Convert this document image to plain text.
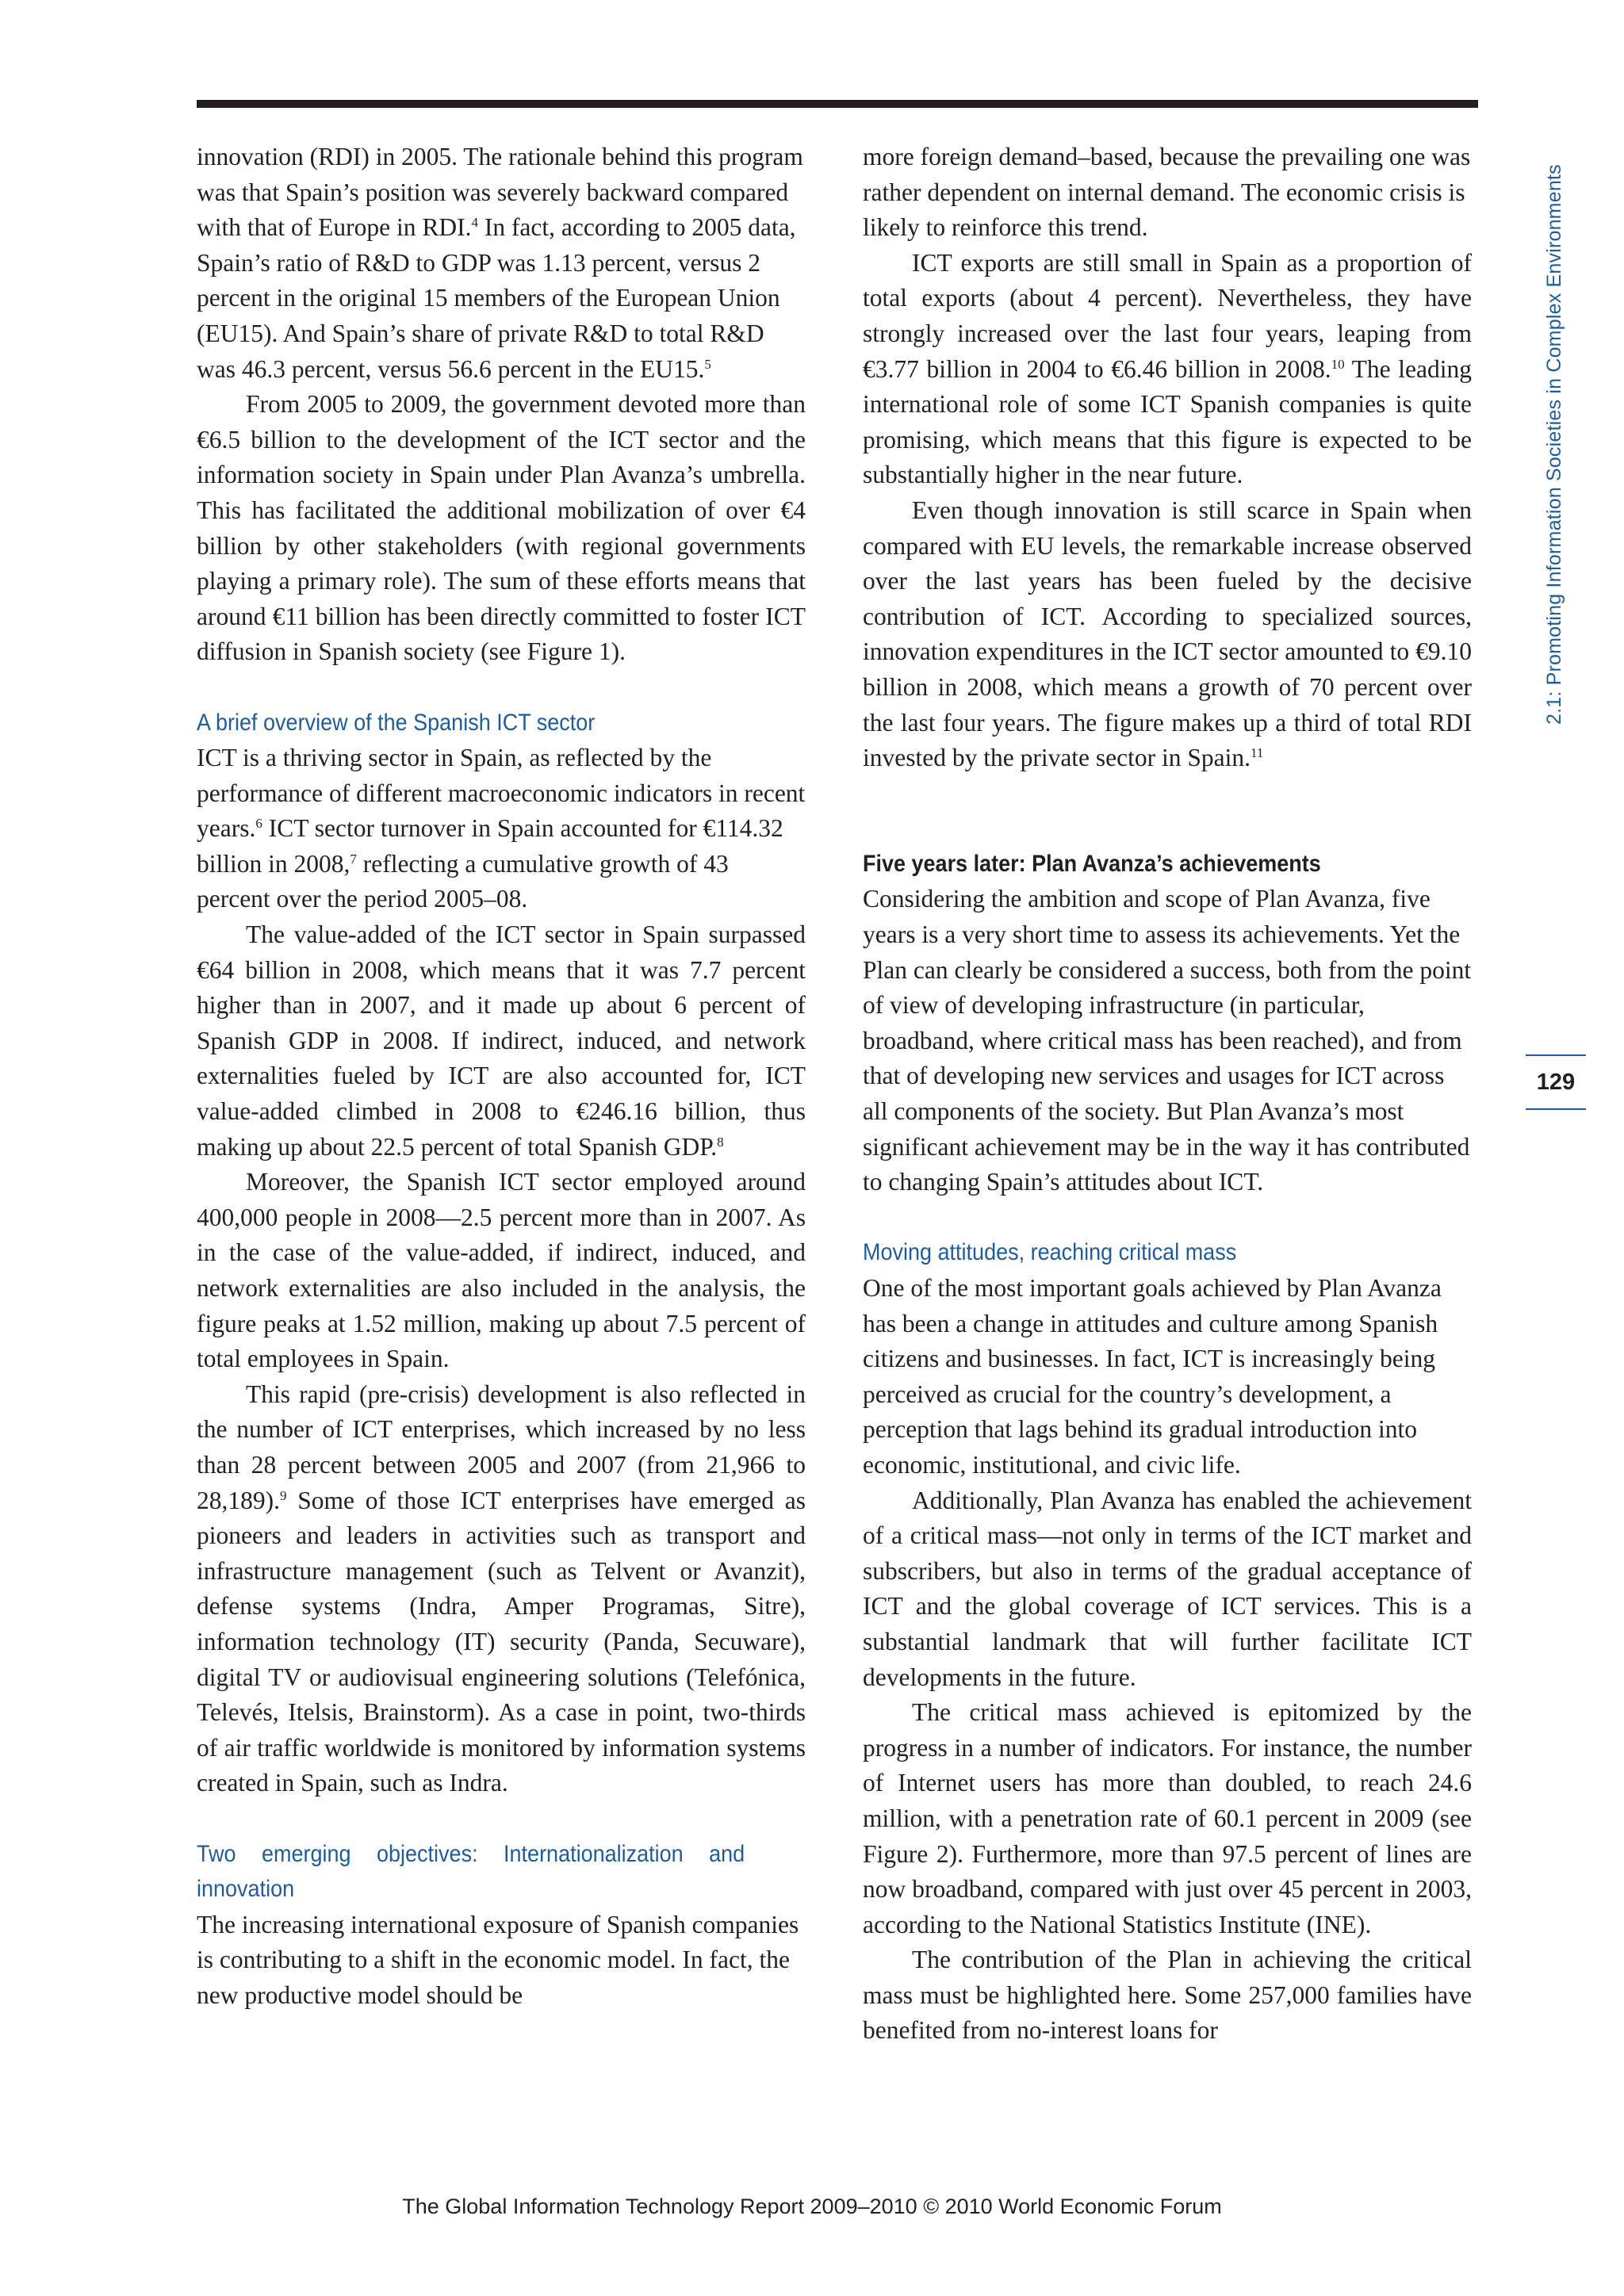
innovation (RDI) in 2005. The rationale behind this program was that Spain’s position was severely backward compared with that of Europe in RDI.$^4$ In fact, according to 2005 data, Spain’s ratio of R&D to GDP was 1.13 percent, versus 2 percent in the original 15 members of the European Union (EU15). And Spain’s share of private R&D to total R&D was 46.3 percent, versus 56.6 percent in the EU15.$^5$

From 2005 to 2009, the government devoted more than €6.5 billion to the development of the ICT sector and the information society in Spain under Plan Avanza’s umbrella. This has facilitated the additional mobilization of over €4 billion by other stakeholders (with regional governments playing a primary role). The sum of these efforts means that around €11 billion has been directly committed to foster ICT diffusion in Spanish society (see Figure 1).

A brief overview of the Spanish ICT sector

ICT is a thriving sector in Spain, as reflected by the performance of different macroeconomic indicators in recent years.$^6$ ICT sector turnover in Spain accounted for €114.32 billion in 2008,$^7$ reflecting a cumulative growth of 43 percent over the period 2005–08.

The value-added of the ICT sector in Spain surpassed €64 billion in 2008, which means that it was 7.7 percent higher than in 2007, and it made up about 6 percent of Spanish GDP in 2008. If indirect, induced, and network externalities fueled by ICT are also accounted for, ICT value-added climbed in 2008 to €246.16 billion, thus making up about 22.5 percent of total Spanish GDP.$^8$

Moreover, the Spanish ICT sector employed around 400,000 people in 2008—2.5 percent more than in 2007. As in the case of the value-added, if indirect, induced, and network externalities are also included in the analysis, the figure peaks at 1.52 million, making up about 7.5 percent of total employees in Spain.

This rapid (pre-crisis) development is also reflected in the number of ICT enterprises, which increased by no less than 28 percent between 2005 and 2007 (from 21,966 to 28,189).$^9$ Some of those ICT enterprises have emerged as pioneers and leaders in activities such as transport and infrastructure management (such as Telvent or Avanzit), defense systems (Indra, Amper Programas, Sitre), information technology (IT) security (Panda, Secuware), digital TV or audiovisual engineering solutions (Telefónica, Televés, Itelsis, Brainstorm). As a case in point, two-thirds of air traffic worldwide is monitored by information systems created in Spain, such as Indra.

Two emerging objectives: Internationalization and innovation

The increasing international exposure of Spanish companies is contributing to a shift in the economic model. In fact, the new productive model should be

more foreign demand–based, because the prevailing one was rather dependent on internal demand. The economic crisis is likely to reinforce this trend.

ICT exports are still small in Spain as a proportion of total exports (about 4 percent). Nevertheless, they have strongly increased over the last four years, leaping from €3.77 billion in 2004 to €6.46 billion in 2008.10 The leading international role of some ICT Spanish companies is quite promising, which means that this figure is expected to be substantially higher in the near future.

Even though innovation is still scarce in Spain when compared with EU levels, the remarkable increase observed over the last years has been fueled by the decisive contribution of ICT. According to specialized sources, innovation expenditures in the ICT sector amounted to €9.10 billion in 2008, which means a growth of 70 percent over the last four years. The figure makes up a third of total RDI invested by the private sector in Spain.$^{11}$

Five years later: Plan Avanza’s achievements

Considering the ambition and scope of Plan Avanza, five years is a very short time to assess its achievements. Yet the Plan can clearly be considered a success, both from the point of view of developing infrastructure (in particular, broadband, where critical mass has been reached), and from that of developing new services and usages for ICT across all components of the society. But Plan Avanza’s most significant achievement may be in the way it has contributed to changing Spain’s attitudes about ICT.

Moving attitudes, reaching critical mass

One of the most important goals achieved by Plan Avanza has been a change in attitudes and culture among Spanish citizens and businesses. In fact, ICT is increasingly being perceived as crucial for the country’s development, a perception that lags behind its gradual introduction into economic, institutional, and civic life.

Additionally, Plan Avanza has enabled the achievement of a critical mass—not only in terms of the ICT market and subscribers, but also in terms of the gradual acceptance of ICT and the global coverage of ICT services. This is a substantial landmark that will further facilitate ICT developments in the future.

The critical mass achieved is epitomized by the progress in a number of indicators. For instance, the number of Internet users has more than doubled, to reach 24.6 million, with a penetration rate of 60.1 percent in 2009 (see Figure 2). Furthermore, more than 97.5 percent of lines are now broadband, compared with just over 45 percent in 2003, according to the National Statistics Institute (INE).

The contribution of the Plan in achieving the critical mass must be highlighted here. Some 257,000 families have benefited from no-interest loans for

2.1: Promoting Information Societies in Complex Environments
129
The Global Information Technology Report 2009–2010 © 2010 World Economic Forum
